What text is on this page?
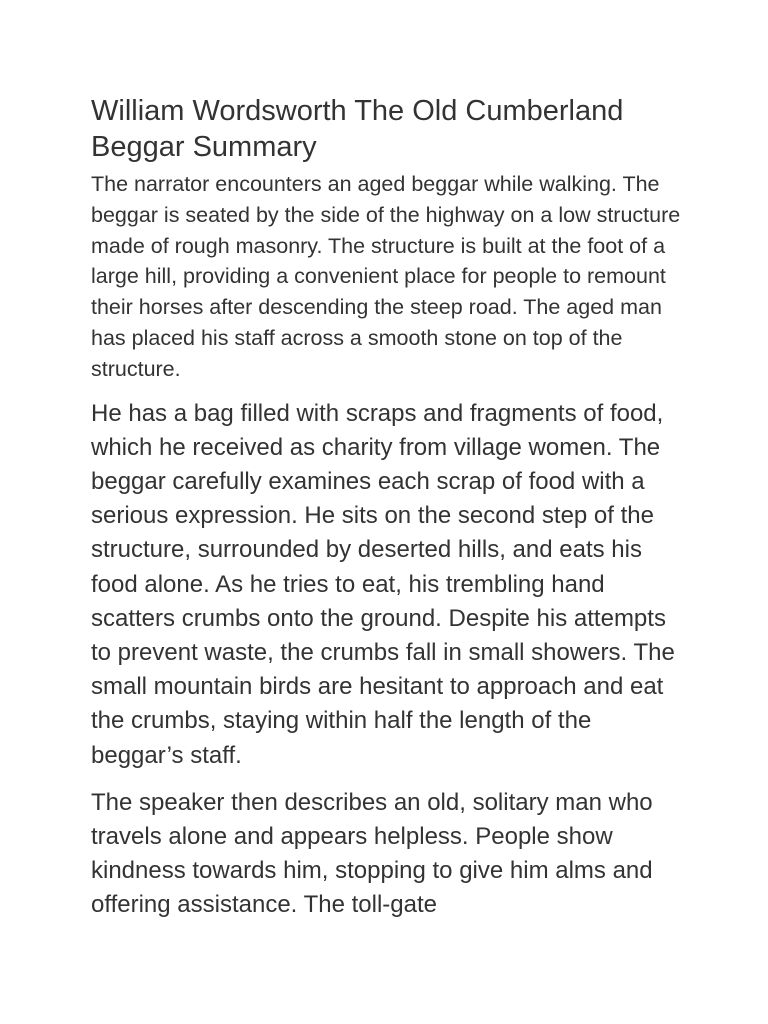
William Wordsworth The Old Cumberland Beggar Summary

The narrator encounters an aged beggar while walking. The beggar is seated by the side of the highway on a low structure made of rough masonry. The structure is built at the foot of a large hill, providing a convenient place for people to remount their horses after descending the steep road. The aged man has placed his staff across a smooth stone on top of the structure.

He has a bag filled with scraps and fragments of food, which he received as charity from village women. The beggar carefully examines each scrap of food with a serious expression. He sits on the second step of the structure, surrounded by deserted hills, and eats his food alone. As he tries to eat, his trembling hand scatters crumbs onto the ground. Despite his attempts to prevent waste, the crumbs fall in small showers. The small mountain birds are hesitant to approach and eat the crumbs, staying within half the length of the beggar’s staff.

The speaker then describes an old, solitary man who travels alone and appears helpless. People show kindness towards him, stopping to give him alms and offering assistance. The toll-gate
